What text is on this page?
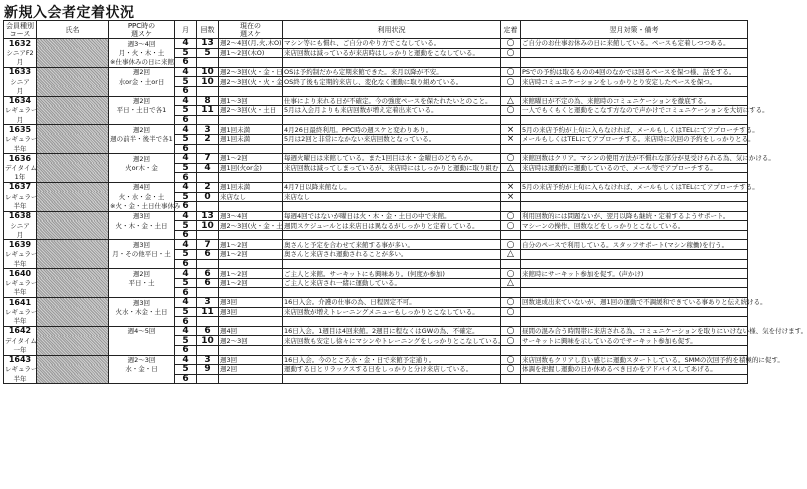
新規入会者定着状況
会員種別
コース	氏名	PPC時の
週スケ	月	回数	現在の
週スケ	利用状況	定着	翌月対策・備考
1632		週3〜4回	4	13	週2〜4回(月,火,木O)	マシン等にも慣れ、ご自分のやり方でこなしている。	○	ご自分のお仕事お休みの日に来館している。ペースも定着しつつある。
シニアF2		月・火・木・土	5	5	週1〜2回(木O)	来店回数は減っているが来店時はしっかりと運動をこなしている。	○	
月		※仕事休みの日に来館	6					
1633		週2回	4	10	週2〜3回(火・金・日	OSは予約制だから定期来館できた。来月以降が不安。	○	PSでの予約は取るものの4回のなかでは回るペースを保つ様、話をする。
シニア		水or金・土or日	5	10	週2〜3回(火・火・金	OS終了後も定期的来店し、変化なく運動に取り組めている。	○	来店時コミュニケーションをしっかりとり安定したペースを保つ。
月			6					
1634		週2回	4	8	週1〜3回	仕事により来れる日が不確定。今の強度ペースを保たれたいとのこと。	△	来館曜日が不定の為、来館時のコミュニケーションを徹底する。
レギュラー		平日・土日で各1	5	11	週2〜3回(火・土日	5月は入会月よりも来店回数が増え定着出来ている。	○	一人でもくもくと運動をこなす方なので声かけでコミュニケーションを大切にする。
月			6					
1635		週2回	4	3	週1回未満	4月26日最終利用。PPC時の週スケと変わりあり。	×	5月の来店予約が上旬に入らなければ、メールもしくはTELにてアプローチする。
レギュラー		週の前半・後半で各1	5	2	週1回未満	5月は2回と非常になかない来店回数となっている。	×	メールもしくはTELにてアプローチする。来店時に次回の予約をしっかりとる。
半年			6					
1636		週2回	4	7	週1〜2回	毎週火曜日は来館している。また1回目は水・金曜日のどちらか。	○	来館回数はクリア。マシンの使用方法が不慣れな部分が見受けられる為、気にかける。
デイタイム		火or木・金	5	4	週1回(火or金)	来店回数は減ってしまっているが、来店時にはしっかりと運動に取り組む	△	来店時は運動的に運動しているので、メール等でアプローチする。
1年			6					
1637		週4回	4	2	週1回未満	4月7日以降来館なし。	×	5月の来店予約が上旬に入らなければ、メールもしくはTELにてアプローチする。
レギュラー		火・水・金・土	5	0	来店なし	来店なし	×	
半年		※火・金・土日仕事休み	6					
1638		週3回	4	13	週3〜4回	毎週4回ではないが曜日は火・木・金・土日の中で来館。	○	利用回数的には問題ないが、翌月以降も継続・定着するようサポート。
シニア		火・木・金・土日	5	10	週2〜3回(火・金・土	週間スケジュールとは来店日は異なるがしっかりと定着している。	○	マシーンの操作、回数などをしっかりとこなしている。
月			6					
1639		週3回	4	7	週1〜2回	奥さんと予定を合わせて来館する事が多い。	○	自分のペースで利用している。スタッフサポート(マシン稼働)を行う。
レギュラー		月・その他平日・土	5	6	週1〜2回	奥さんと来店され運動されることが多い。	△	
半年			6					
1640		週2回	4	6	週1〜2回	ご主人と来館。サーキットにも興味あり。(何度か参加)	○	来館時にサーキット参加を促す。(声かけ)
レギュラー		平日・土	5	6	週1〜2回	ご主人と来店され一緒に運動している。	△	
半年			6					
1641		週3回	4	3	週3回	16日入会。介護の仕事の為、日程固定不可。	○	回数達成出来ていないが、週1回の運動で不調緩和できている事ありと伝え続ける。
レギュラー		火水・木金・土日	5	11	週3回	来店回数が増えトレーニングメニューもしっかりとこなしている。	○	
半年			6					
1642		週4〜5回	4	6	週4回	16日入会。1週目は4回来館。2週目に程なくはGWの為、不確定。	○	昼間の混み合う時間帯に来店される為、コミュニケーションを取りにいけない様、気を付けます。
デイタイム			5	10	週2〜3回	来店回数も安定し徐々にマシンやトレーニングをしっかりとこなしている。	○	サーキットに興味を示しているのでサーキット参加も促す。
一年			6					
1643		週2〜3回	4	3	週3回	16日入会。今のところ水・金・日で来館予定通り。	○	来店回数もクリアし良い感じに運動スタートしている。SMMの次回予約を積極的に促す。
レギュラー		水・金・日	5	9	週2回	運動する日とリラックスする日をしっかりと分け来店している。	○	体調を把握し運動の日か休めるべき日かをアドバイスしてあげる。
半年			6					
